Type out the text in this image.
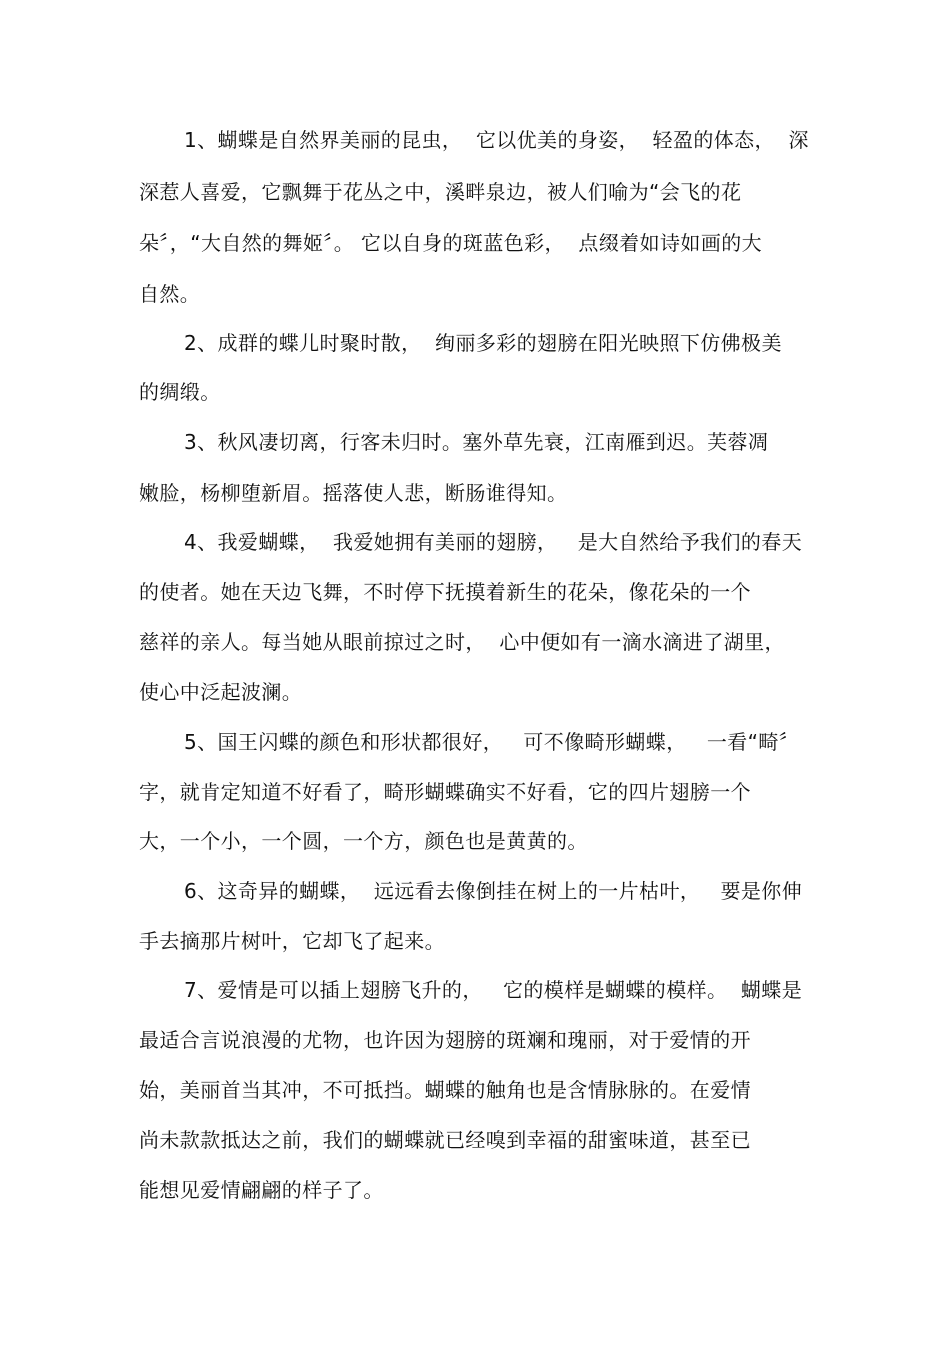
1、蝴蝶是自然界美丽的昆虫，  它以优美的身姿，  轻盈的体态，  深
深惹人喜爱，它飘舞于花丛之中，溪畔泉边，被人们喻为“会飞的花
朵〞，“大自然的舞姬〞。 它以自身的斑蓝色彩，  点缀着如诗如画的大
自然。
2、成群的蝶儿时聚时散，  绚丽多彩的翅膀在阳光映照下仿佛极美
的绸缎。
3、秋风凄切离，行客未归时。塞外草先衰，江南雁到迟。芙蓉凋
嫩脸，杨柳堕新眉。摇落使人悲，断肠谁得知。
4、我爱蝴蝶，  我爱她拥有美丽的翅膀，   是大自然给予我们的春天
的使者。她在天边飞舞，不时停下抚摸着新生的花朵，像花朵的一个
慈祥的亲人。每当她从眼前掠过之时，  心中便如有一滴水滴进了湖里，
使心中泛起波澜。
5、国王闪蝶的颜色和形状都很好，   可不像畸形蝴蝶，   一看“畸〞
字，就肯定知道不好看了，畸形蝴蝶确实不好看，它的四片翅膀一个
大，一个小，一个圆，一个方，颜色也是黄黄的。
6、这奇异的蝴蝶，  远远看去像倒挂在树上的一片枯叶，   要是你伸
手去摘那片树叶，它却飞了起来。
7、爱情是可以插上翅膀飞升的，   它的模样是蝴蝶的模样。  蝴蝶是
最适合言说浪漫的尤物，也许因为翅膀的斑斓和瑰丽，对于爱情的开
始，美丽首当其冲，不可抵挡。蝴蝶的触角也是含情脉脉的。在爱情
尚未款款抵达之前，我们的蝴蝶就已经嗅到幸福的甜蜜味道，甚至已
能想见爱情翩翩的样子了。
